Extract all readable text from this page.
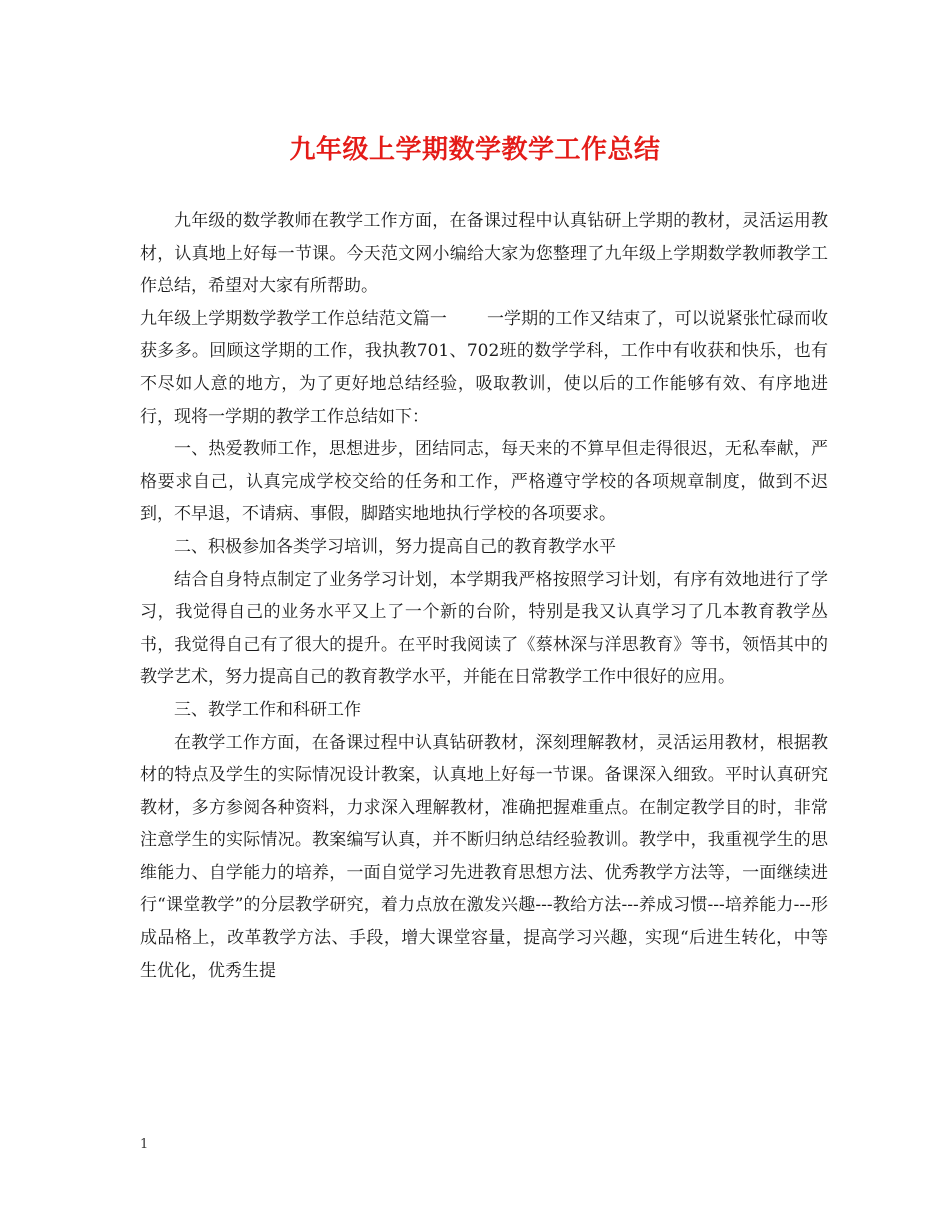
九年级上学期数学教学工作总结

九年级的数学教师在教学工作方面，在备课过程中认真钻研上学期的教材，灵活运用教材，认真地上好每一节课。今天范文网小编给大家为您整理了九年级上学期数学教师教学工作总结，希望对大家有所帮助。

九年级上学期数学教学工作总结范文篇一 一学期的工作又结束了，可以说紧张忙碌而收获多多。回顾这学期的工作，我执教701、702班的数学学科，工作中有收获和快乐，也有不尽如人意的地方，为了更好地总结经验，吸取教训，使以后的工作能够有效、有序地进行，现将一学期的教学工作总结如下：

一、热爱教师工作，思想进步，团结同志，每天来的不算早但走得很迟，无私奉献，严格要求自己，认真完成学校交给的任务和工作，严格遵守学校的各项规章制度，做到不迟到，不早退，不请病、事假，脚踏实地地执行学校的各项要求。

二、积极参加各类学习培训，努力提高自己的教育教学水平

结合自身特点制定了业务学习计划，本学期我严格按照学习计划，有序有效地进行了学习，我觉得自己的业务水平又上了一个新的台阶，特别是我又认真学习了几本教育教学丛书，我觉得自己有了很大的提升。在平时我阅读了《蔡林深与洋思教育》等书，领悟其中的教学艺术，努力提高自己的教育教学水平，并能在日常教学工作中很好的应用。

三、教学工作和科研工作

在教学工作方面，在备课过程中认真钻研教材，深刻理解教材，灵活运用教材，根据教材的特点及学生的实际情况设计教案，认真地上好每一节课。备课深入细致。平时认真研究教材，多方参阅各种资料，力求深入理解教材，准确把握难重点。在制定教学目的时，非常注意学生的实际情况。教案编写认真，并不断归纳总结经验教训。教学中，我重视学生的思维能力、自学能力的培养，一面自觉学习先进教育思想方法、优秀教学方法等，一面继续进行“课堂教学”的分层教学研究，着力点放在激发兴趣---教给方法---养成习惯---培养能力---形成品格上，改革教学方法、手段，增大课堂容量，提高学习兴趣，实现“后进生转化，中等生优化，优秀生提

1
